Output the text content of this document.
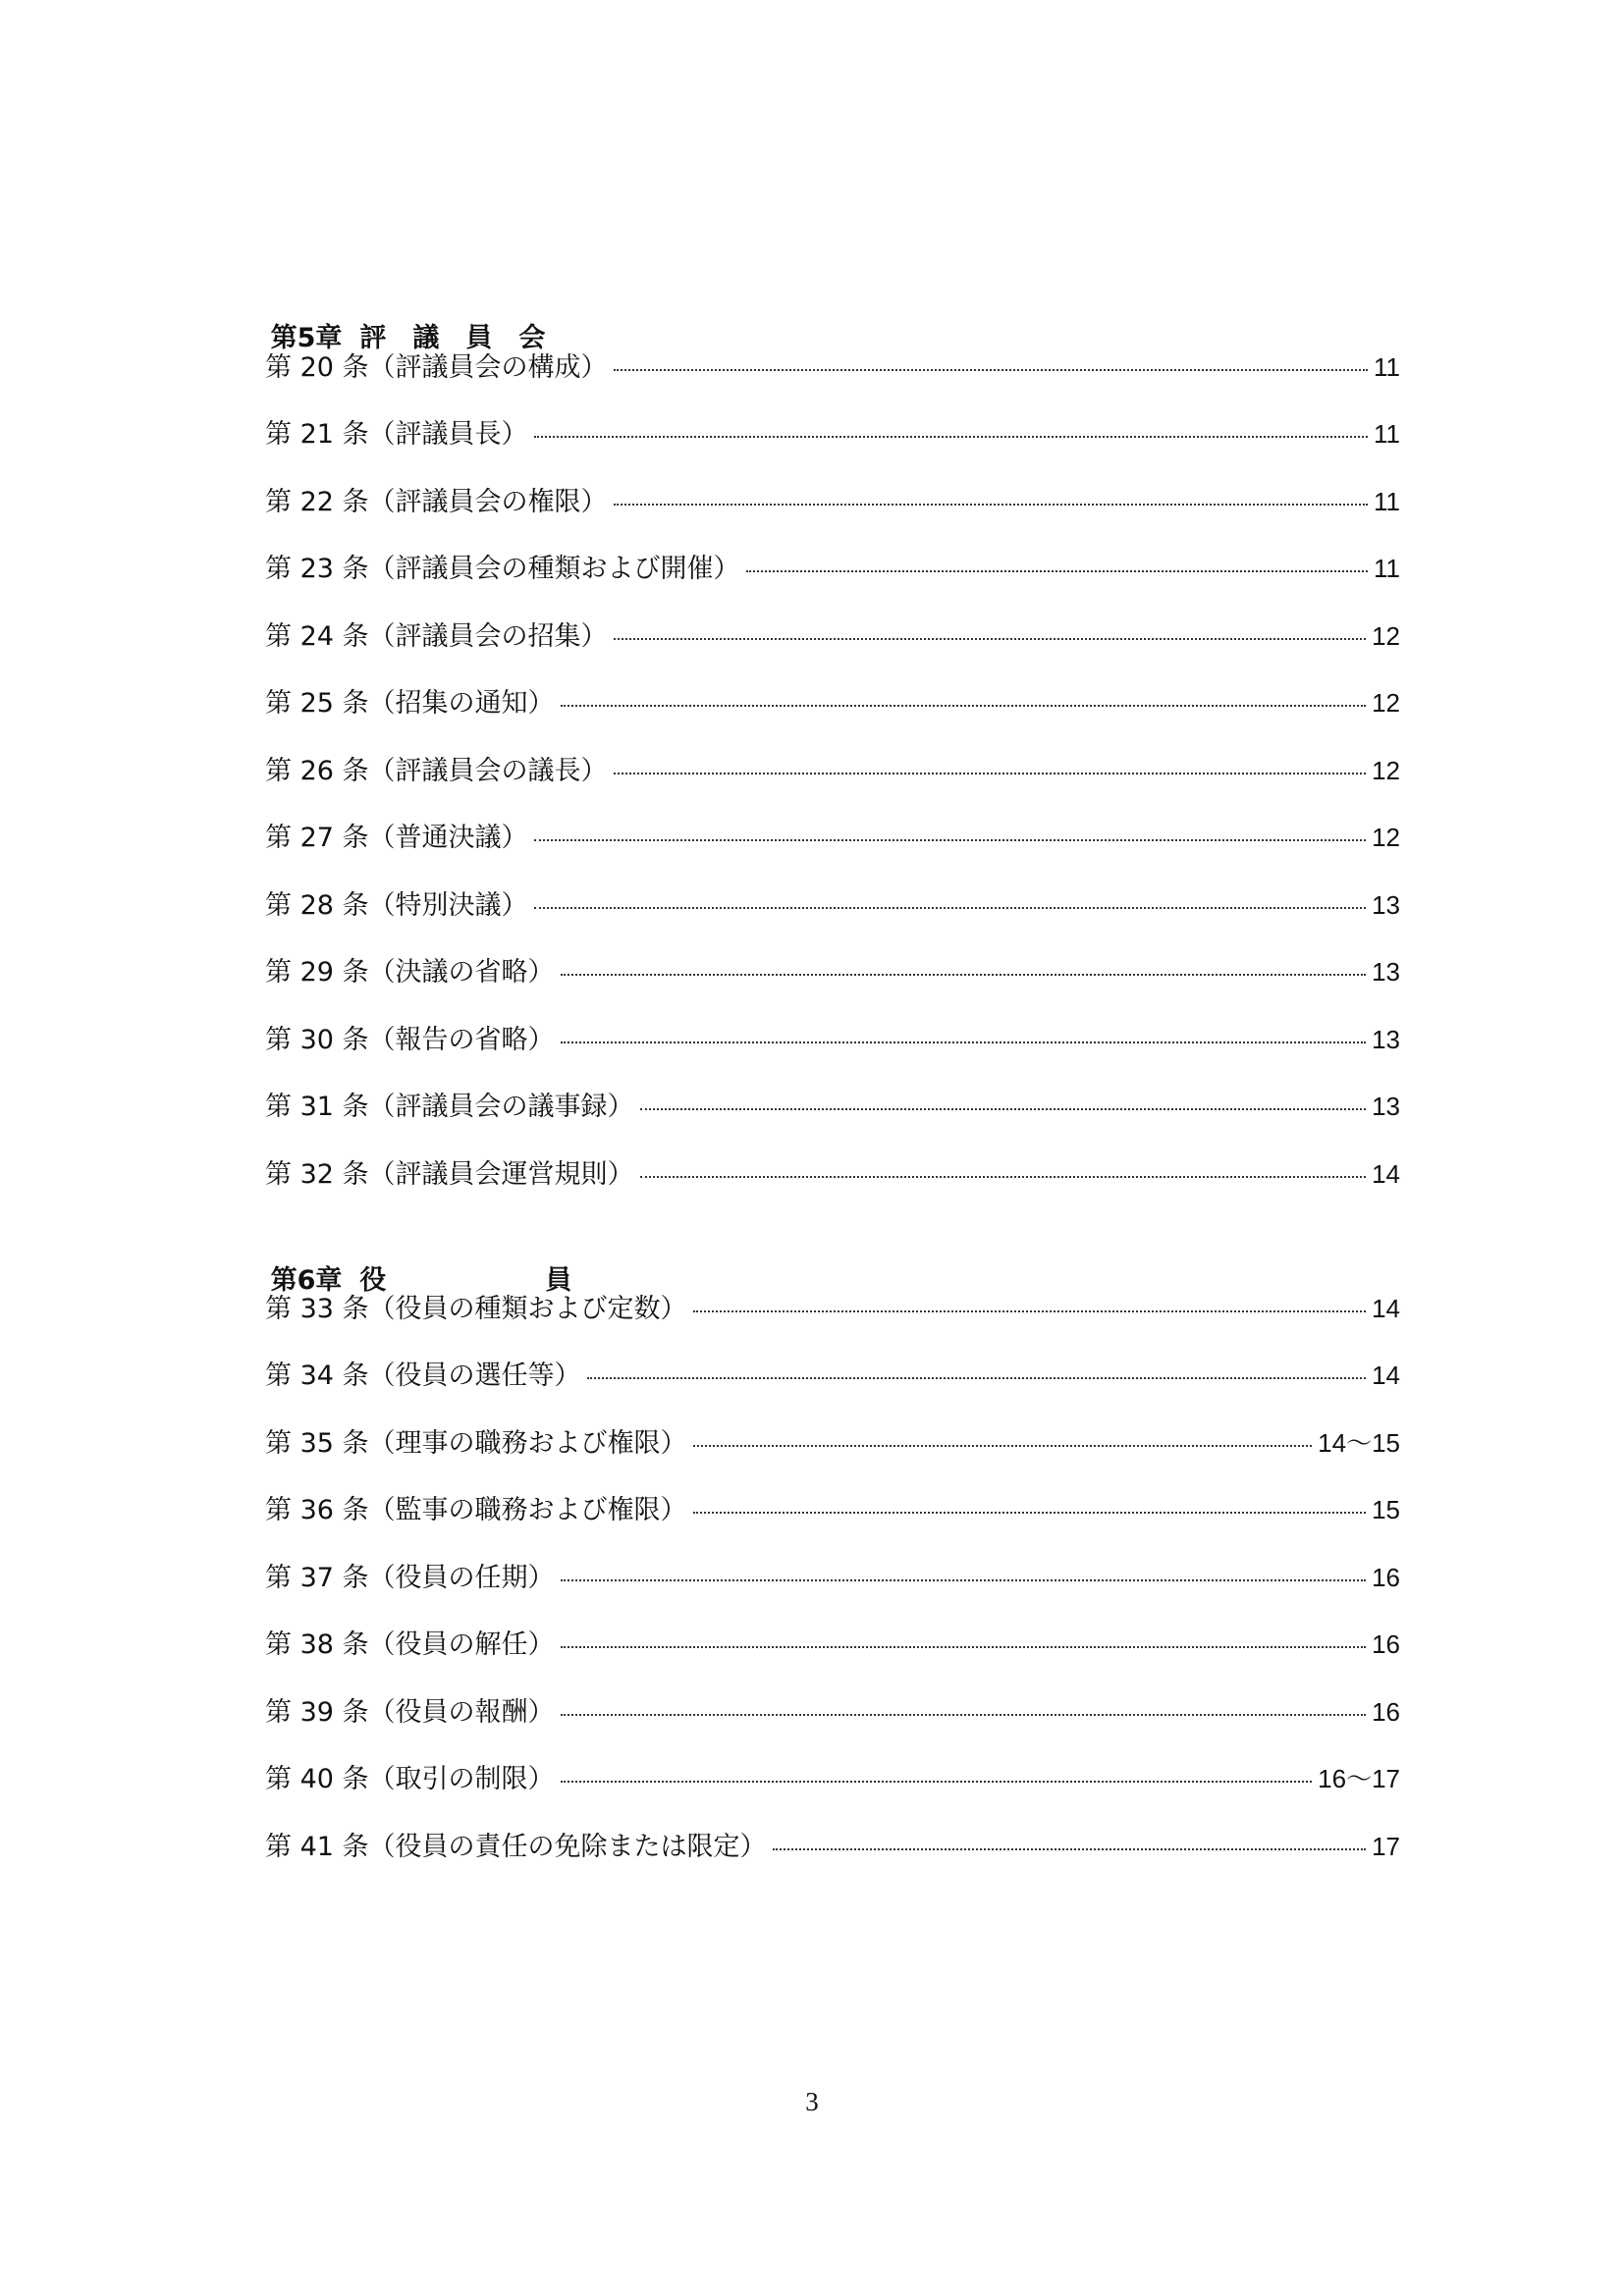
第5章 評　議　員　会

第 20 条（評議員会の構成）	11
第 21 条（評議員長）	11
第 22 条（評議員会の権限）	11
第 23 条（評議員会の種類および開催）	11
第 24 条（評議員会の招集）	12
第 25 条（招集の通知）	12
第 26 条（評議員会の議長）	12
第 27 条（普通決議）	12
第 28 条（特別決議）	13
第 29 条（決議の省略）	13
第 30 条（報告の省略）	13
第 31 条（評議員会の議事録）	13
第 32 条（評議員会運営規則）	14

第6章 役　　　　　　員

第 33 条（役員の種類および定数）	14
第 34 条（役員の選任等）	14
第 35 条（理事の職務および権限）	14〜15
第 36 条（監事の職務および権限）	15
第 37 条（役員の任期）	16
第 38 条（役員の解任）	16
第 39 条（役員の報酬）	16
第 40 条（取引の制限）	16〜17
第 41 条（役員の責任の免除または限定）	17
3
